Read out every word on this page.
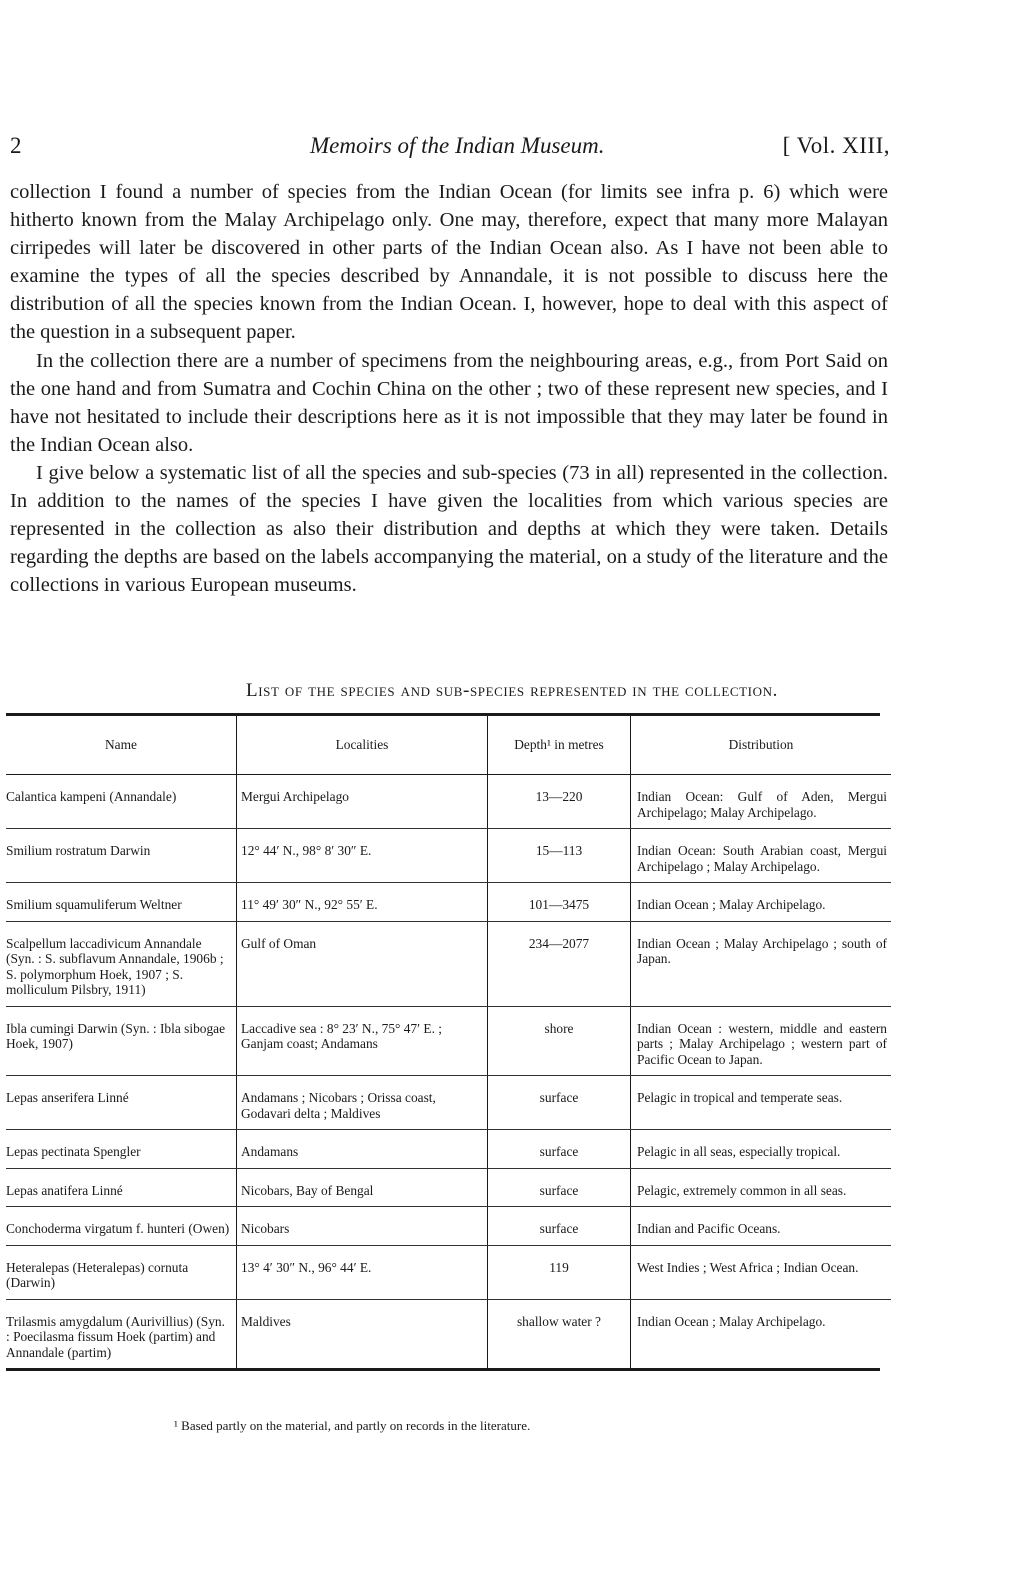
2	Memoirs of the Indian Museum.	[ Vol. XIII,

collection I found a number of species from the Indian Ocean (for limits see infra p. 6) which were hitherto known from the Malay Archipelago only. One may, therefore, expect that many more Malayan cirripedes will later be discovered in other parts of the Indian Ocean also. As I have not been able to examine the types of all the species described by Annandale, it is not possible to discuss here the distribution of all the species known from the Indian Ocean. I, however, hope to deal with this aspect of the question in a subsequent paper.

In the collection there are a number of specimens from the neighbouring areas, e.g., from Port Said on the one hand and from Sumatra and Cochin China on the other ; two of these represent new species, and I have not hesitated to include their descriptions here as it is not impossible that they may later be found in the Indian Ocean also.

I give below a systematic list of all the species and sub-species (73 in all) represented in the collection. In addition to the names of the species I have given the localities from which various species are represented in the collection as also their distribution and depths at which they were taken. Details regarding the depths are based on the labels accompanying the material, on a study of the literature and the collections in various European museums.

List of the species and sub-species represented in the collection.
Name	Localities	Depth¹ in metres	Distribution
Calantica kampeni (Annandale)	Mergui Archipelago	13—220	Indian Ocean: Gulf of Aden, Mergui Archipelago; Malay Archipelago.
Smilium rostratum Darwin	12° 44′ N., 98° 8′ 30″ E.	15—113	Indian Ocean: South Arabian coast, Mergui Archipelago ; Malay Archipelago.
Smilium squamuliferum Weltner	11° 49′ 30″ N., 92° 55′ E.	101—3475	Indian Ocean ; Malay Archipelago.
Scalpellum laccadivicum Annandale (Syn. : S. subflavum Annandale, 1906b ; S. polymorphum Hoek, 1907 ; S. molliculum Pilsbry, 1911)	Gulf of Oman	234—2077	Indian Ocean ; Malay Archipelago ; south of Japan.
Ibla cumingi Darwin (Syn. : Ibla sibogae Hoek, 1907)	Laccadive sea : 8° 23′ N., 75° 47′ E. ; Ganjam coast; Andamans	shore	Indian Ocean : western, middle and eastern parts ; Malay Archipelago ; western part of Pacific Ocean to Japan.
Lepas anserifera Linné	Andamans ; Nicobars ; Orissa coast, Godavari delta ; Maldives	surface	Pelagic in tropical and temperate seas.
Lepas pectinata Spengler	Andamans	surface	Pelagic in all seas, especially tropical.
Lepas anatifera Linné	Nicobars, Bay of Bengal	surface	Pelagic, extremely common in all seas.
Conchoderma virgatum f. hunteri (Owen)	Nicobars	surface	Indian and Pacific Oceans.
Heteralepas (Heteralepas) cornuta (Darwin)	13° 4′ 30″ N., 96° 44′ E.	119	West Indies ; West Africa ; Indian Ocean.
Trilasmis amygdalum (Aurivillius) (Syn. : Poecilasma fissum Hoek (partim) and Annandale (partim)	Maldives	shallow water ?	Indian Ocean ; Malay Archipelago.
¹ Based partly on the material, and partly on records in the literature.
